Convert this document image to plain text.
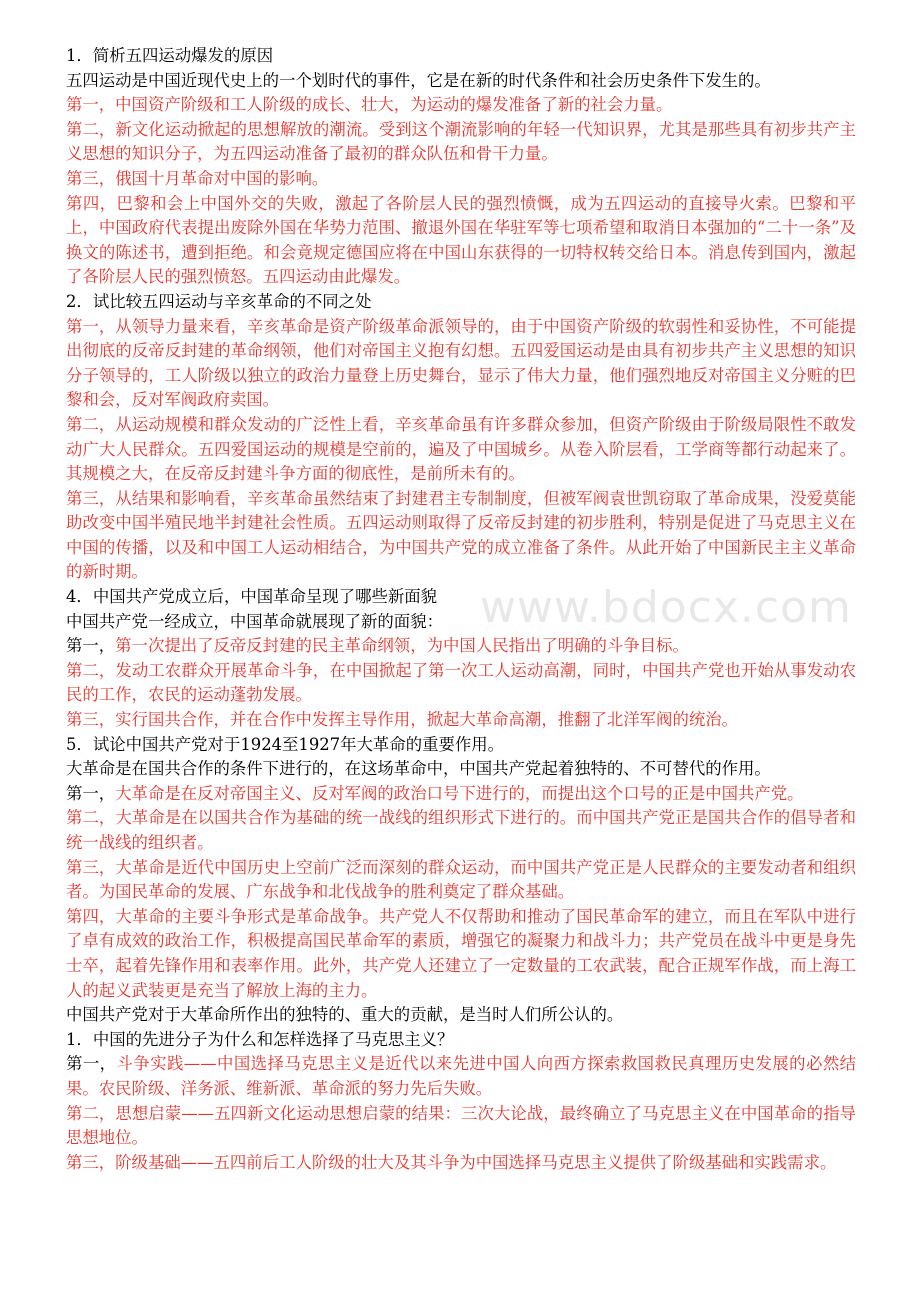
www.bdocx.com

1．简析五四运动爆发的原因

五四运动是中国近现代史上的一个划时代的事件，它是在新的时代条件和社会历史条件下发生的。

第一，中国资产阶级和工人阶级的成长、壮大，为运动的爆发准备了新的社会力量。

第二，新文化运动掀起的思想解放的潮流。受到这个潮流影响的年轻一代知识界，尤其是那些具有初步共产主义思想的知识分子，为五四运动准备了最初的群众队伍和骨干力量。

第三，俄国十月革命对中国的影响。

第四，巴黎和会上中国外交的失败，激起了各阶层人民的强烈愤慨，成为五四运动的直接导火索。巴黎和平上，中国政府代表提出废除外国在华势力范围、撤退外国在华驻军等七项希望和取消日本强加的“二十一条”及换文的陈述书，遭到拒绝。和会竟规定德国应将在中国山东获得的一切特权转交给日本。消息传到国内，激起了各阶层人民的强烈愤怒。五四运动由此爆发。

2．试比较五四运动与辛亥革命的不同之处

第一，从领导力量来看，辛亥革命是资产阶级革命派领导的，由于中国资产阶级的软弱性和妥协性，不可能提出彻底的反帝反封建的革命纲领，他们对帝国主义抱有幻想。五四爱国运动是由具有初步共产主义思想的知识分子领导的，工人阶级以独立的政治力量登上历史舞台，显示了伟大力量，他们强烈地反对帝国主义分赃的巴黎和会，反对军阀政府卖国。

第二，从运动规模和群众发动的广泛性上看，辛亥革命虽有许多群众参加，但资产阶级由于阶级局限性不敢发动广大人民群众。五四爱国运动的规模是空前的，遍及了中国城乡。从卷入阶层看，工学商等都行动起来了。其规模之大，在反帝反封建斗争方面的彻底性，是前所未有的。

第三，从结果和影响看，辛亥革命虽然结束了封建君主专制制度，但被军阀袁世凯窃取了革命成果，没爱莫能助改变中国半殖民地半封建社会性质。五四运动则取得了反帝反封建的初步胜利，特别是促进了马克思主义在中国的传播，以及和中国工人运动相结合，为中国共产党的成立准备了条件。从此开始了中国新民主主义革命的新时期。

4．中国共产党成立后，中国革命呈现了哪些新面貌

中国共产党一经成立，中国革命就展现了新的面貌：

第一，第一次提出了反帝反封建的民主革命纲领，为中国人民指出了明确的斗争目标。

第二，发动工农群众开展革命斗争，在中国掀起了第一次工人运动高潮，同时，中国共产党也开始从事发动农民的工作，农民的运动蓬勃发展。

第三，实行国共合作，并在合作中发挥主导作用，掀起大革命高潮，推翻了北洋军阀的统治。

5．试论中国共产党对于1924至1927年大革命的重要作用。

大革命是在国共合作的条件下进行的，在这场革命中，中国共产党起着独特的、不可替代的作用。

第一，大革命是在反对帝国主义、反对军阀的政治口号下进行的，而提出这个口号的正是中国共产党。

第二，大革命是在以国共合作为基础的统一战线的组织形式下进行的。而中国共产党正是国共合作的倡导者和统一战线的组织者。

第三，大革命是近代中国历史上空前广泛而深刻的群众运动，而中国共产党正是人民群众的主要发动者和组织者。为国民革命的发展、广东战争和北伐战争的胜利奠定了群众基础。

第四，大革命的主要斗争形式是革命战争。共产党人不仅帮助和推动了国民革命军的建立，而且在军队中进行了卓有成效的政治工作，积极提高国民革命军的素质，增强它的凝聚力和战斗力；共产党员在战斗中更是身先士卒，起着先锋作用和表率作用。此外，共产党人还建立了一定数量的工农武装，配合正规军作战，而上海工人的起义武装更是充当了解放上海的主力。

中国共产党对于大革命所作出的独特的、重大的贡献，是当时人们所公认的。

1．中国的先进分子为什么和怎样选择了马克思主义？

第一，斗争实践——中国选择马克思主义是近代以来先进中国人向西方探索救国救民真理历史发展的必然结果。农民阶级、洋务派、维新派、革命派的努力先后失败。

第二，思想启蒙——五四新文化运动思想启蒙的结果：三次大论战，最终确立了马克思主义在中国革命的指导思想地位。

第三，阶级基础——五四前后工人阶级的壮大及其斗争为中国选择马克思主义提供了阶级基础和实践需求。
